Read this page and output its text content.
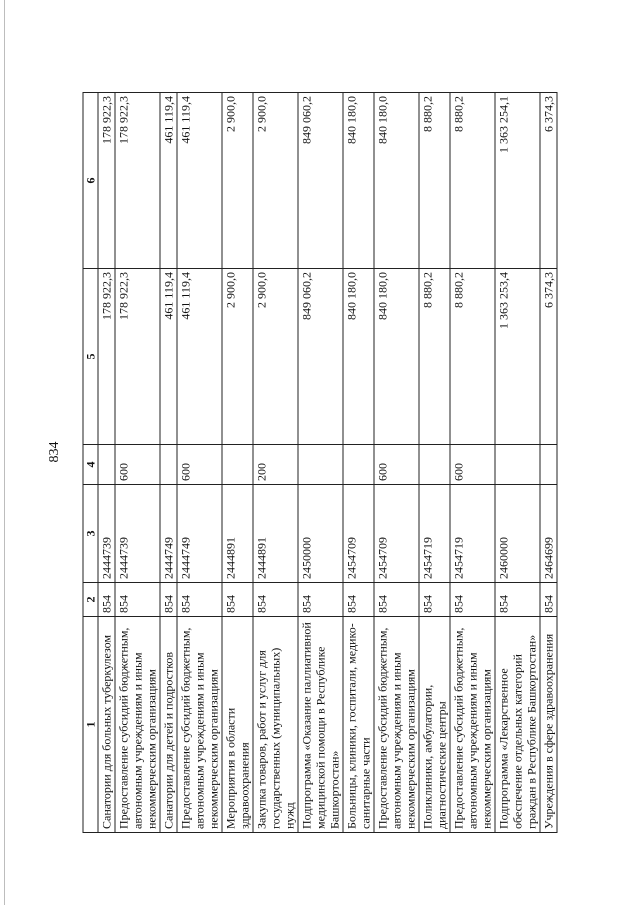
834
1	2	3	4	5	6
Санатории для больных туберкулезом	854	2444739		178 922,3	178 922,3
Предоставление субсидий бюджетным, автономным учреждениям и иным некоммерческим организациям	854	2444739	600	178 922,3	178 922,3
Санатории для детей и подростков	854	2444749		461 119,4	461 119,4
Предоставление субсидий бюджетным, автономным учреждениям и иным некоммерческим организациям	854	2444749	600	461 119,4	461 119,4
Мероприятия в области здравоохранения	854	2444891		2 900,0	2 900,0
Закупка товаров, работ и услуг для государственных (муниципальных) нужд	854	2444891	200	2 900,0	2 900,0
Подпрограмма «Оказание паллиативной медицинской помощи в Республике Башкортостан»	854	2450000		849 060,2	849 060,2
Больницы, клиники, госпитали, медико-санитарные части	854	2454709		840 180,0	840 180,0
Предоставление субсидий бюджетным, автономным учреждениям и иным некоммерческим организациям	854	2454709	600	840 180,0	840 180,0
Поликлиники, амбулатории, диагностические центры	854	2454719		8 880,2	8 880,2
Предоставление субсидий бюджетным, автономным учреждениям и иным некоммерческим организациям	854	2454719	600	8 880,2	8 880,2
Подпрограмма «Лекарственное обеспечение отдельных категорий граждан в Республике Башкортостан»	854	2460000		1 363 253,4	1 363 254,1
Учреждения в сфере здравоохранения	854	2464699		6 374,3	6 374,3
